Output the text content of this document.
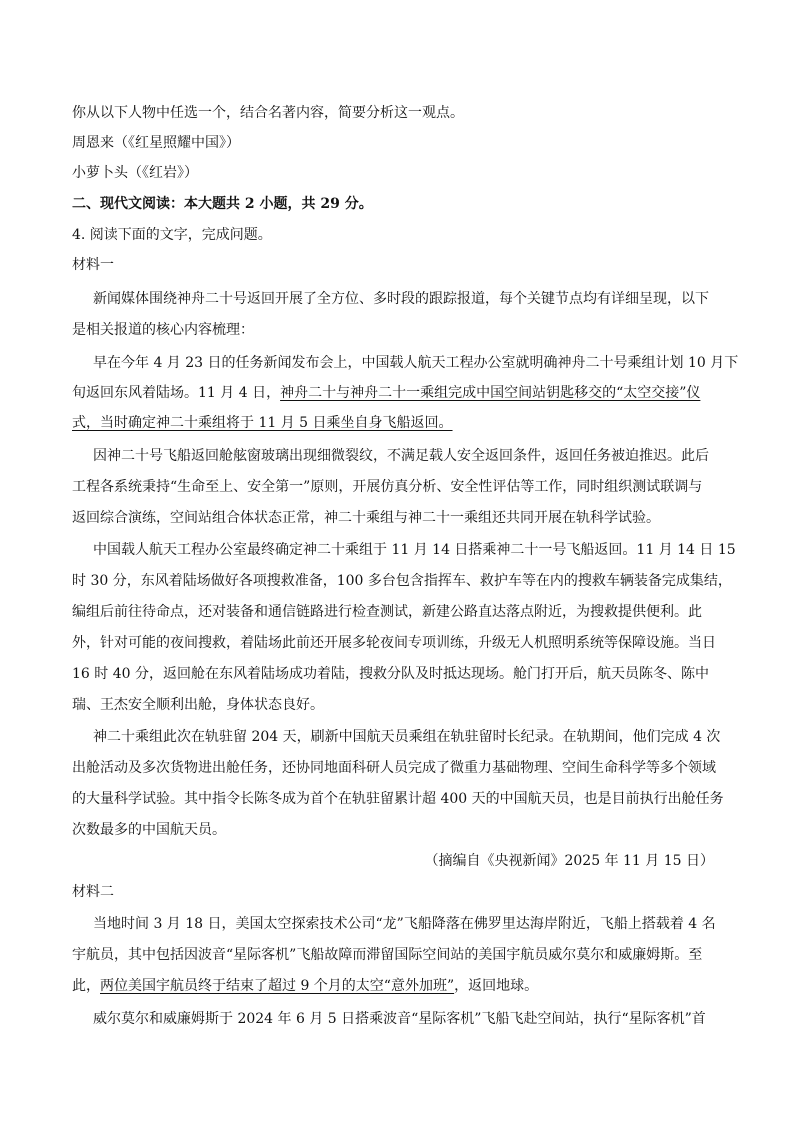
你从以下人物中任选一个，结合名著内容，简要分析这一观点。
周恩来（《红星照耀中国》）
小萝卜头（《红岩》）
二、现代文阅读：本大题共 2 小题，共 29 分。
4. 阅读下面的文字，完成问题。
材料一
新闻媒体围绕神舟二十号返回开展了全方位、多时段的跟踪报道，每个关键节点均有详细呈现，以下
是相关报道的核心内容梳理：
早在今年 4 月 23 日的任务新闻发布会上，中国载人航天工程办公室就明确神舟二十号乘组计划 10 月下
旬返回东风着陆场。11 月 4 日，神舟二十与神舟二十一乘组完成中国空间站钥匙移交的“太空交接”仪
式，当时确定神二十乘组将于 11 月 5 日乘坐自身飞船返回。
因神二十号飞船返回舱舷窗玻璃出现细微裂纹，不满足载人安全返回条件，返回任务被迫推迟。此后
工程各系统秉持“生命至上、安全第一”原则，开展仿真分析、安全性评估等工作，同时组织测试联调与
返回综合演练，空间站组合体状态正常，神二十乘组与神二十一乘组还共同开展在轨科学试验。
中国载人航天工程办公室最终确定神二十乘组于 11 月 14 日搭乘神二十一号飞船返回。11 月 14 日 15
时 30 分，东风着陆场做好各项搜救准备，100 多台包含指挥车、救护车等在内的搜救车辆装备完成集结，
编组后前往待命点，还对装备和通信链路进行检查测试，新建公路直达落点附近，为搜救提供便利。此
外，针对可能的夜间搜救，着陆场此前还开展多轮夜间专项训练，升级无人机照明系统等保障设施。当日
16 时 40 分，返回舱在东风着陆场成功着陆，搜救分队及时抵达现场。舱门打开后，航天员陈冬、陈中
瑞、王杰安全顺利出舱，身体状态良好。
神二十乘组此次在轨驻留 204 天，刷新中国航天员乘组在轨驻留时长纪录。在轨期间，他们完成 4 次
出舱活动及多次货物进出舱任务，还协同地面科研人员完成了微重力基础物理、空间生命科学等多个领域
的大量科学试验。其中指令长陈冬成为首个在轨驻留累计超 400 天的中国航天员，也是目前执行出舱任务
次数最多的中国航天员。
（摘编自《央视新闻》2025 年 11 月 15 日）
材料二
当地时间 3 月 18 日，美国太空探索技术公司“龙”飞船降落在佛罗里达海岸附近，飞船上搭载着 4 名
宇航员，其中包括因波音“星际客机”飞船故障而滞留国际空间站的美国宇航员威尔莫尔和威廉姆斯。至
此，两位美国宇航员终于结束了超过 9 个月的太空“意外加班”，返回地球。
威尔莫尔和威廉姆斯于 2024 年 6 月 5 日搭乘波音“星际客机”飞船飞赴空间站，执行“星际客机”首
